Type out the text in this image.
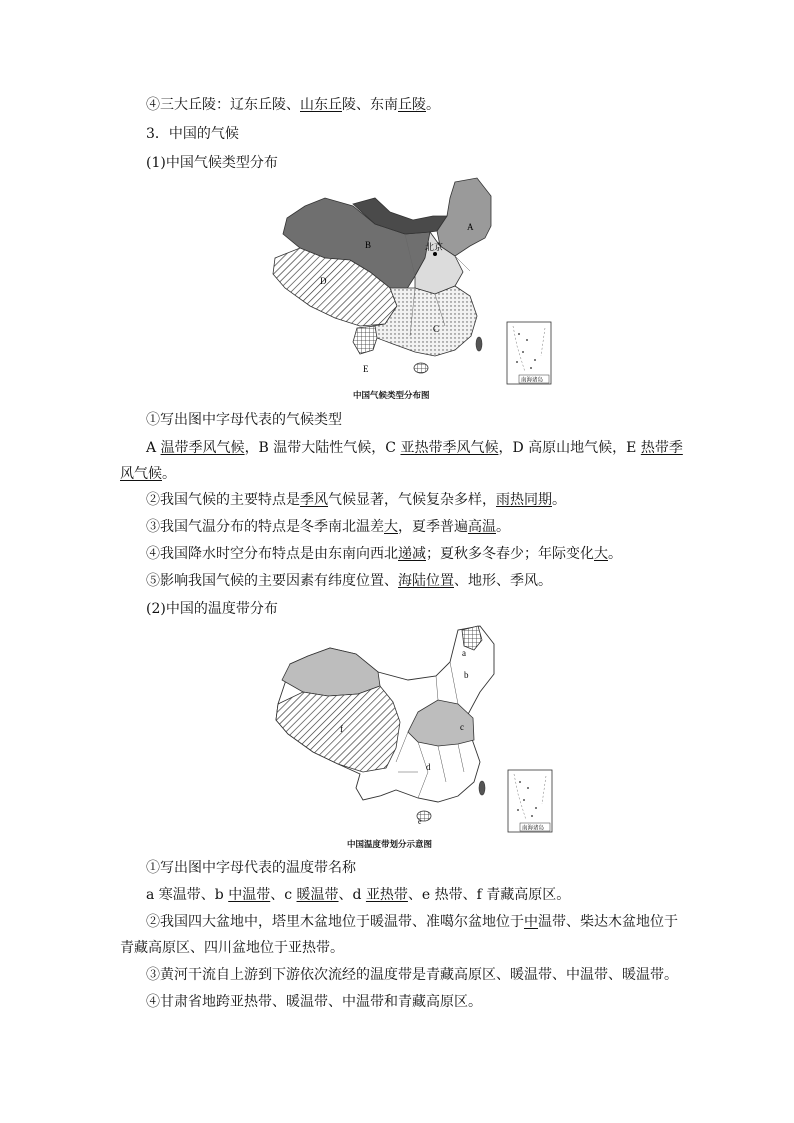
④三大丘陵：辽东丘陵、山东丘陵、东南丘陵。
3．中国的气候
(1)中国气候类型分布
A
B
C
D
E
北京
南海诸岛
中国气候类型分布图
①写出图中字母代表的气候类型
A 温带季风气候，B 温带大陆性气候，C 亚热带季风气候，D 高原山地气候，E 热带季
风气候。
②我国气候的主要特点是季风气候显著，气候复杂多样，雨热同期。
③我国气温分布的特点是冬季南北温差大，夏季普遍高温。
④我国降水时空分布特点是由东南向西北递减；夏秋多冬春少；年际变化大。
⑤影响我国气候的主要因素有纬度位置、海陆位置、地形、季风。
(2)中国的温度带分布
a
b
c
d
e
f
南海诸岛
中国温度带划分示意图
①写出图中字母代表的温度带名称
a 寒温带、b 中温带、c 暖温带、d 亚热带、e 热带、f 青藏高原区。
②我国四大盆地中，塔里木盆地位于暖温带、准噶尔盆地位于中温带、柴达木盆地位于
青藏高原区、四川盆地位于亚热带。
③黄河干流自上游到下游依次流经的温度带是青藏高原区、暖温带、中温带、暖温带。
④甘肃省地跨亚热带、暖温带、中温带和青藏高原区。
